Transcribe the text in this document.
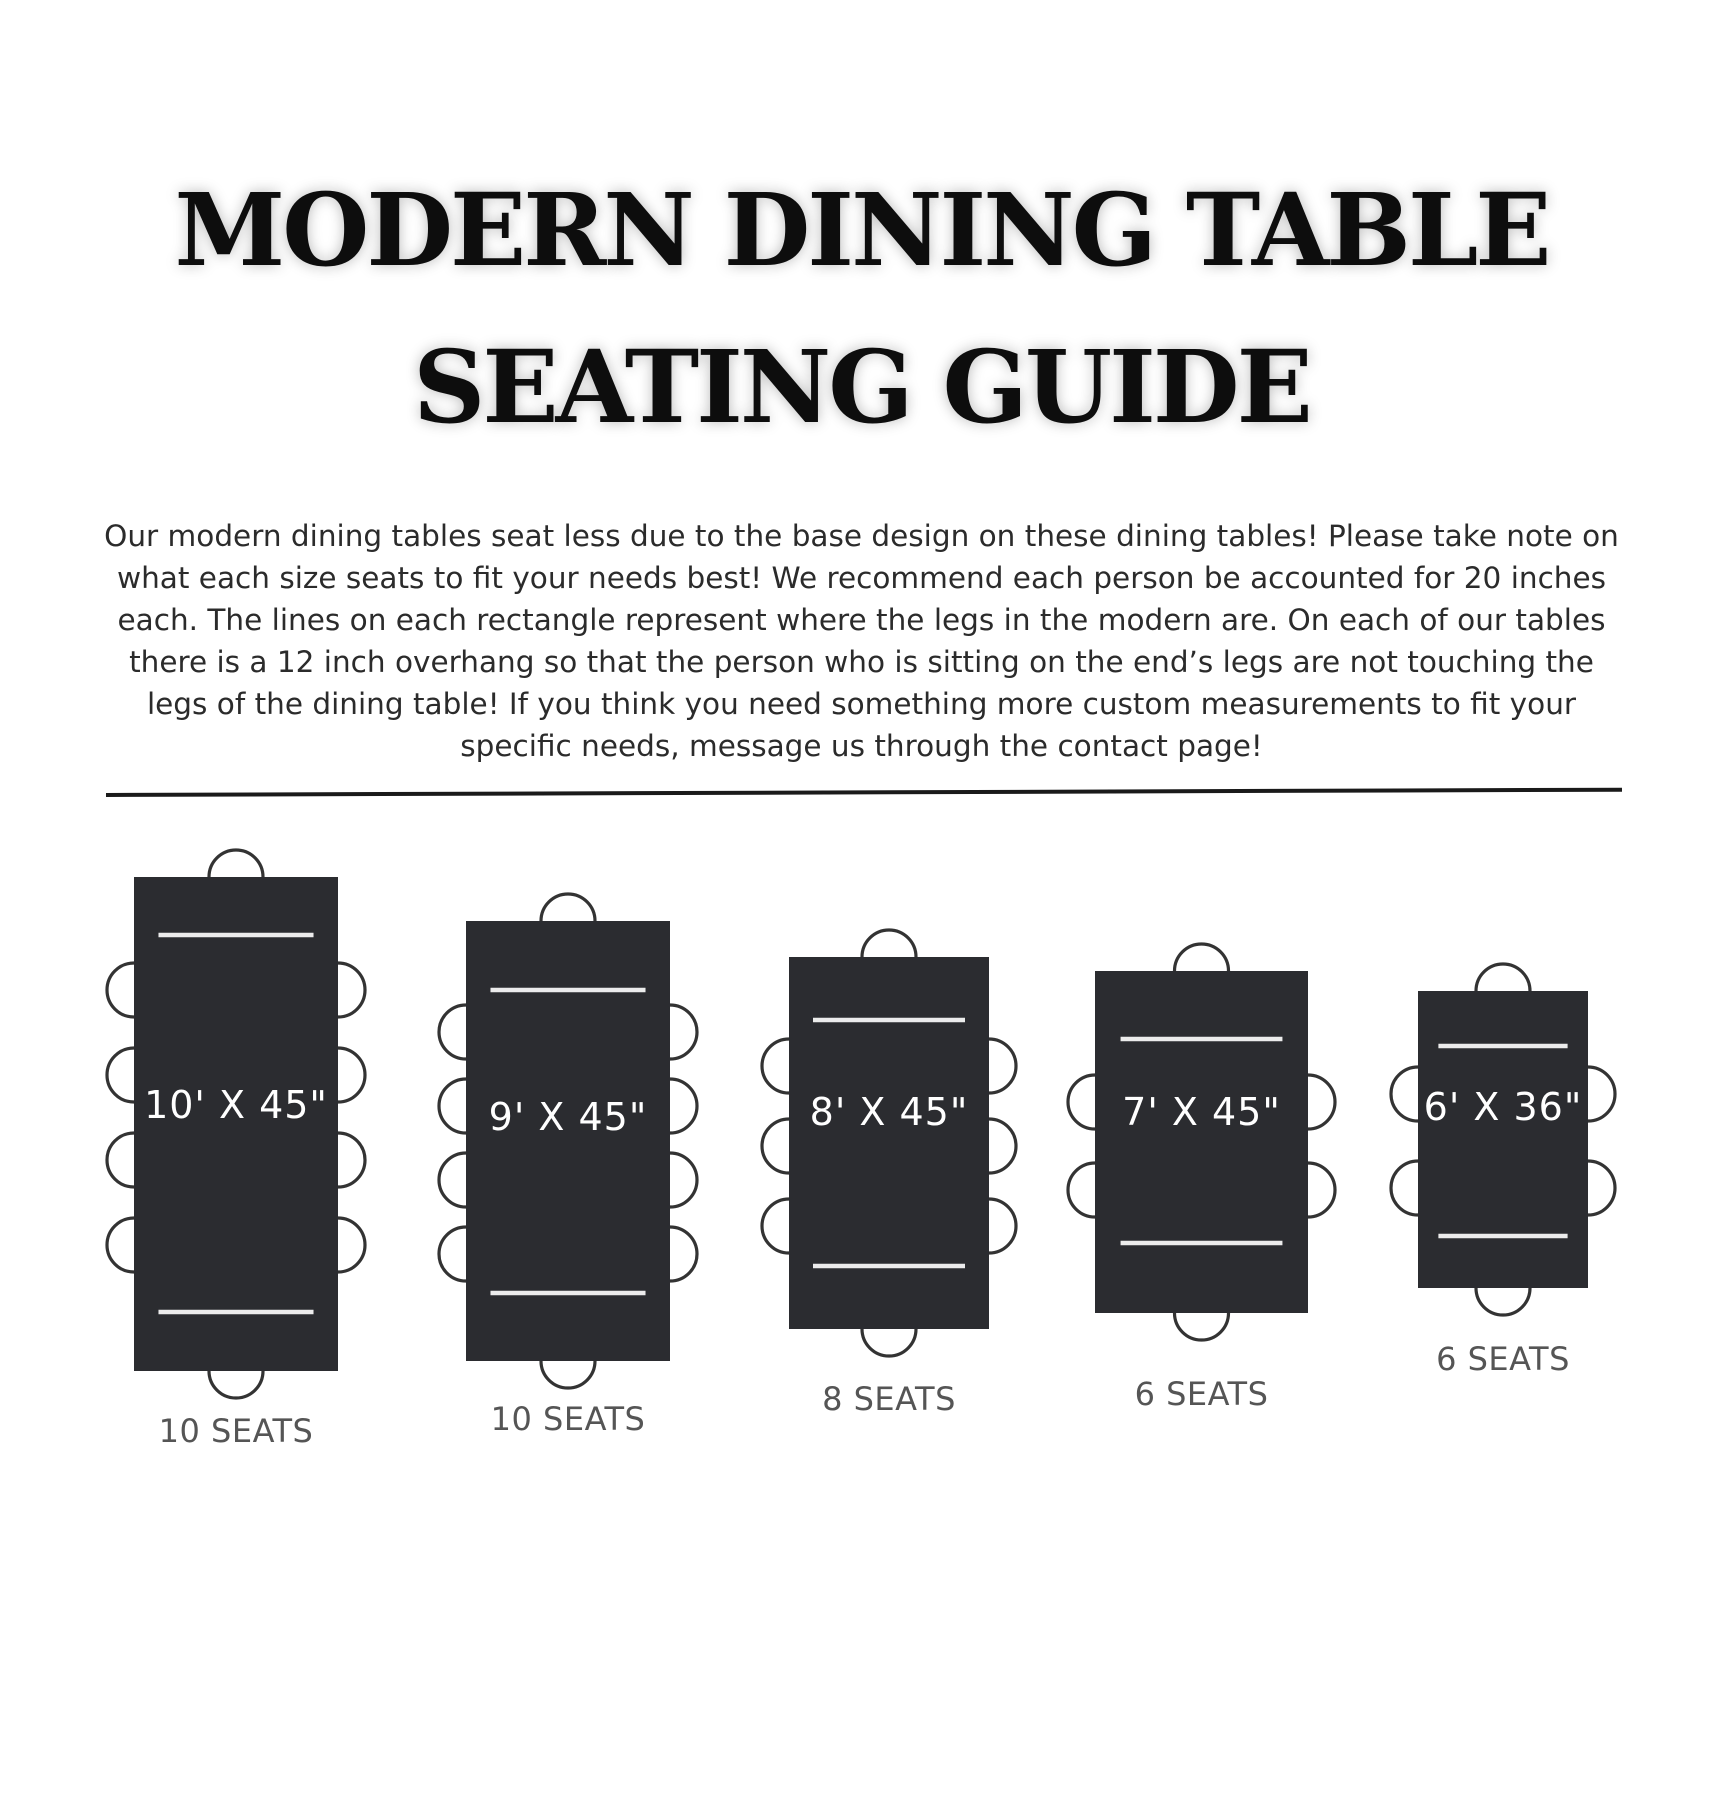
MODERN DINING TABLE
SEATING GUIDE

Our modern dining tables seat less due to the base design on these dining tables! Please take note on what each size seats to fit your needs best! We recommend each person be accounted for 20 inches each. The lines on each rectangle represent where the legs in the modern are. On each of our tables there is a 12 inch overhang so that the person who is sitting on the end’s legs are not touching the legs of the dining table! If you think you need something more custom measurements to fit your specific needs, message us through the contact page!

10' X 45"
10 SEATS
9' X 45"
10 SEATS
8' X 45"
8 SEATS
7' X 45"
6 SEATS
6' X 36"
6 SEATS
